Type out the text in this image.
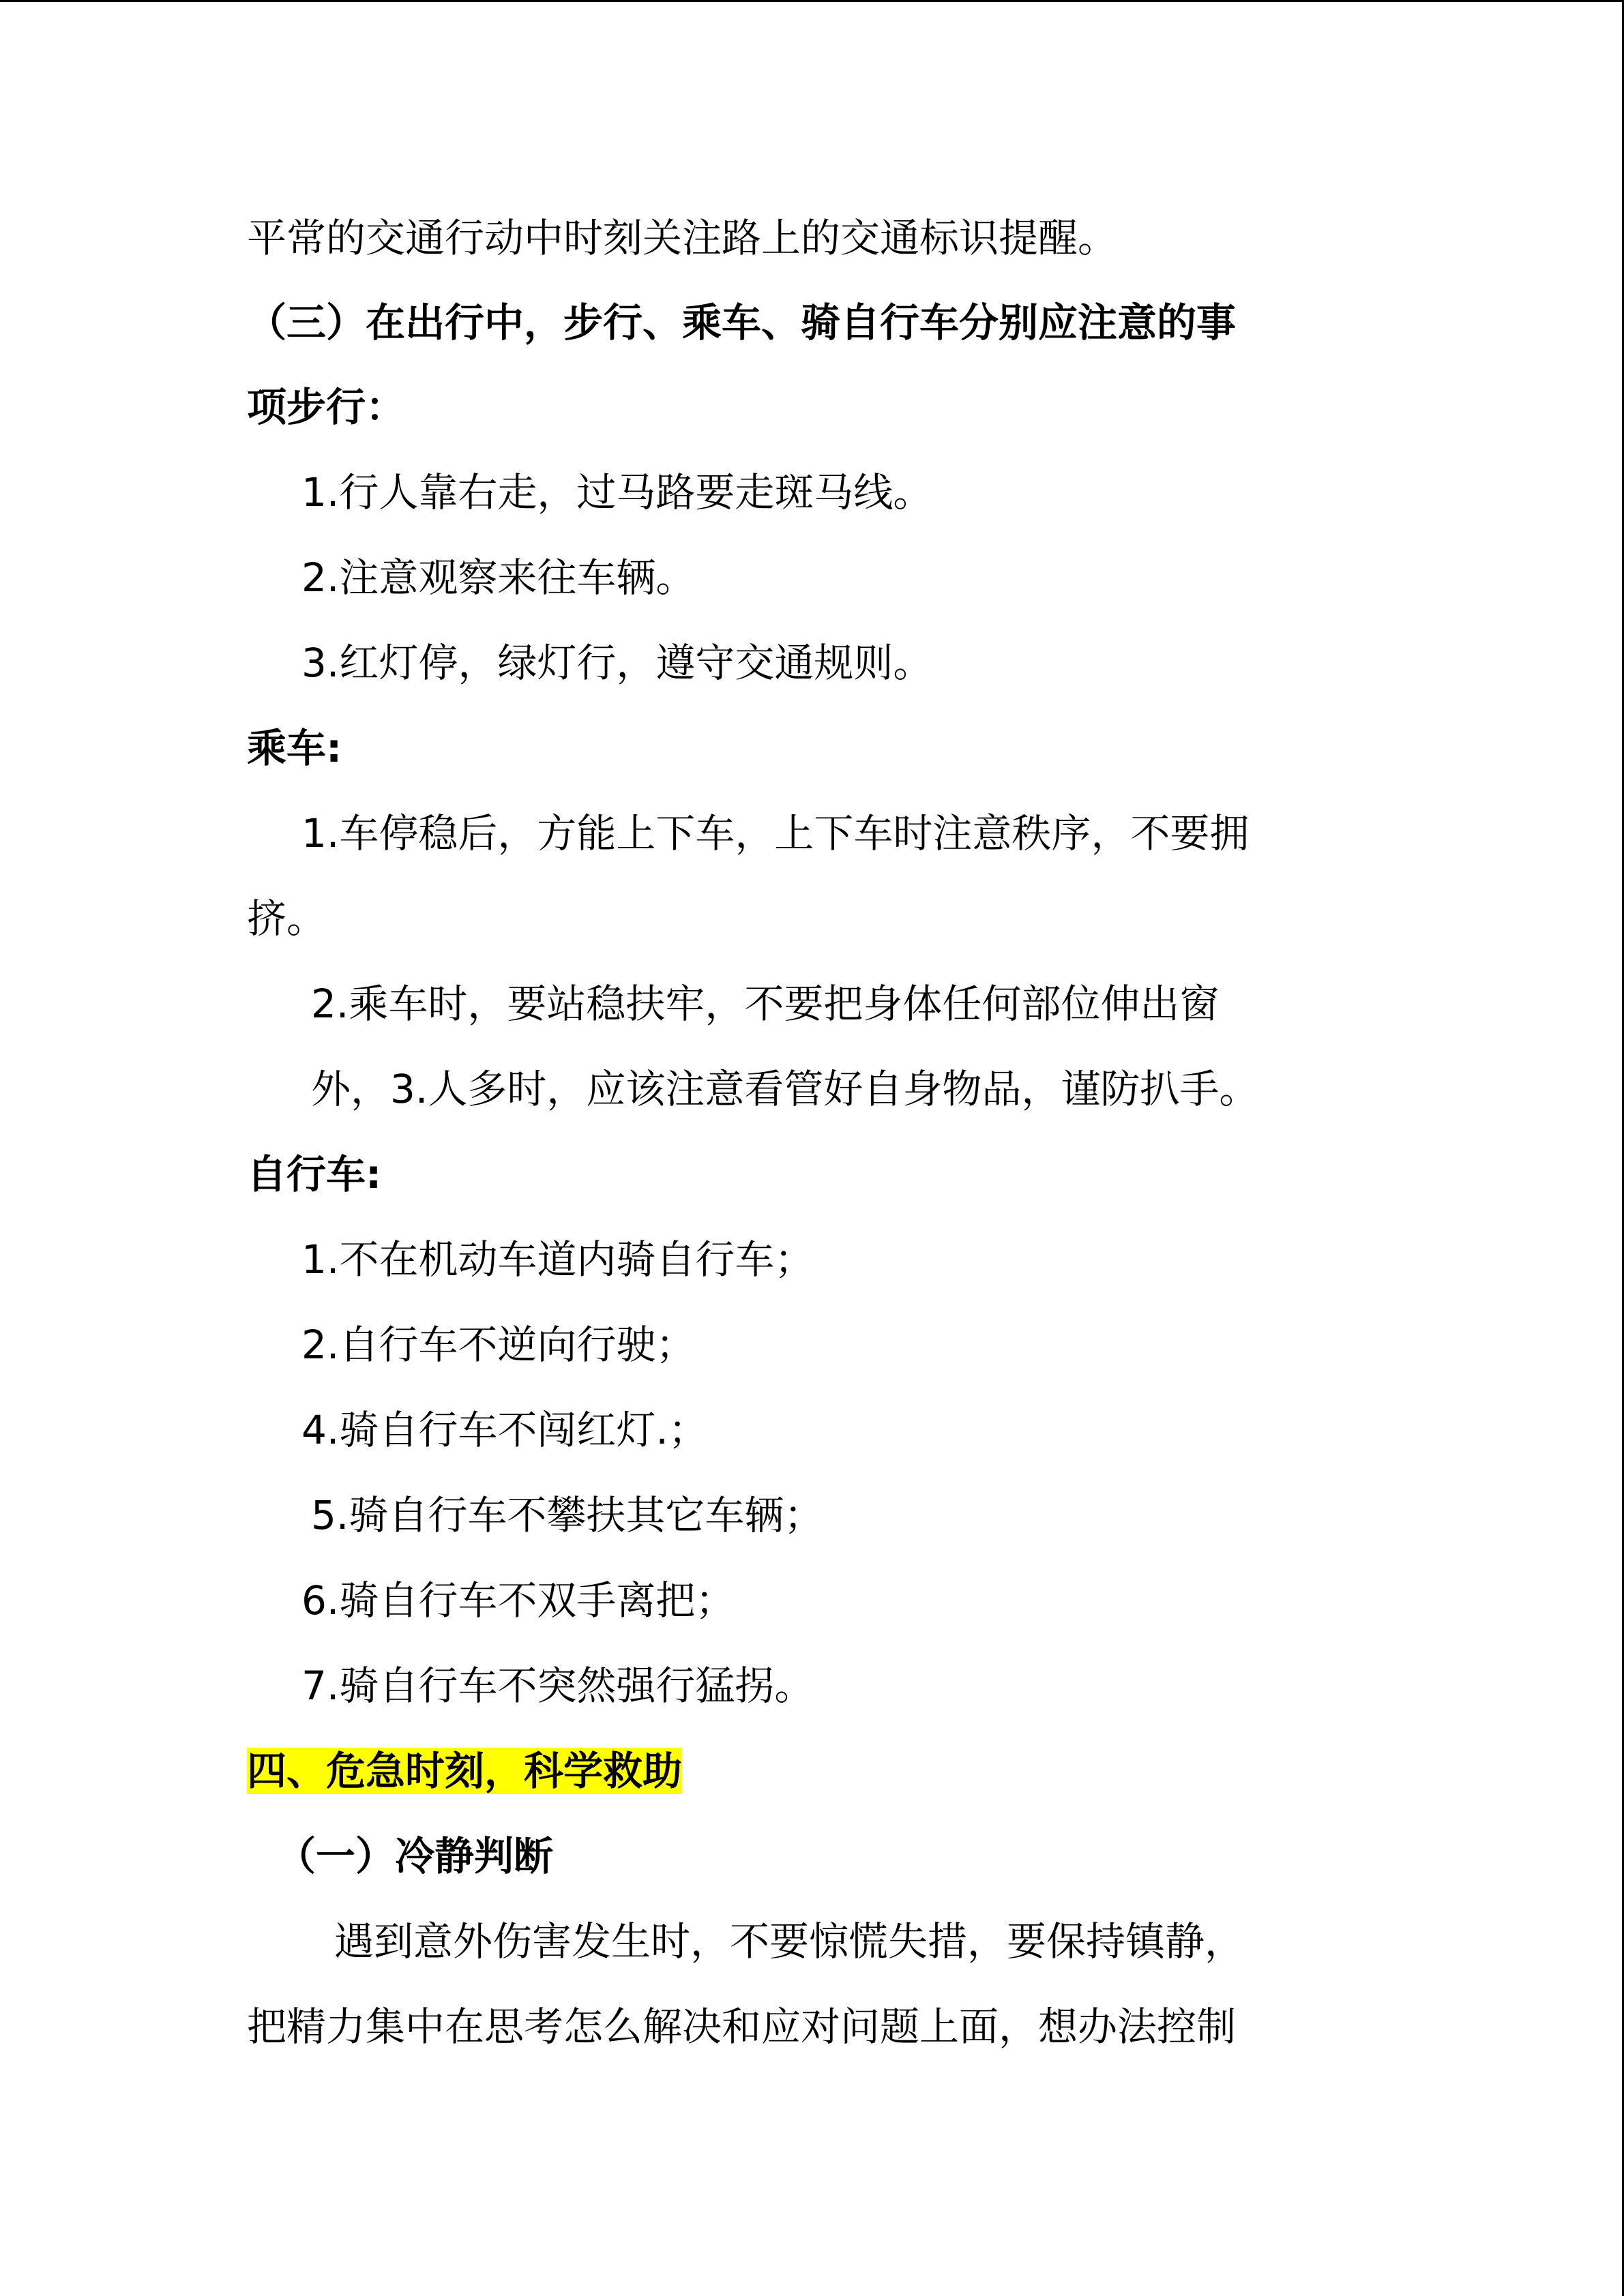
平常的交通行动中时刻关注路上的交通标识提醒。

（三）在出行中，步行、乘车、骑自行车分别应注意的事

项步行：

1.行人靠右走，过马路要走斑马线。

2.注意观察来往车辆。

3.红灯停，绿灯行，遵守交通规则。

乘车:

1.车停稳后，方能上下车，上下车时注意秩序，不要拥

挤。

2.乘车时，要站稳扶牢，不要把身体任何部位伸出窗

外，3.人多时，应该注意看管好自身物品，谨防扒手。

自行车:

1.不在机动车道内骑自行车；

2.自行车不逆向行驶；

4.骑自行车不闯红灯.；

5.骑自行车不攀扶其它车辆；

6.骑自行车不双手离把；

7.骑自行车不突然强行猛拐。

四、危急时刻，科学救助

（一）冷静判断

遇到意外伤害发生时，不要惊慌失措，要保持镇静，

把精力集中在思考怎么解决和应对问题上面，想办法控制
